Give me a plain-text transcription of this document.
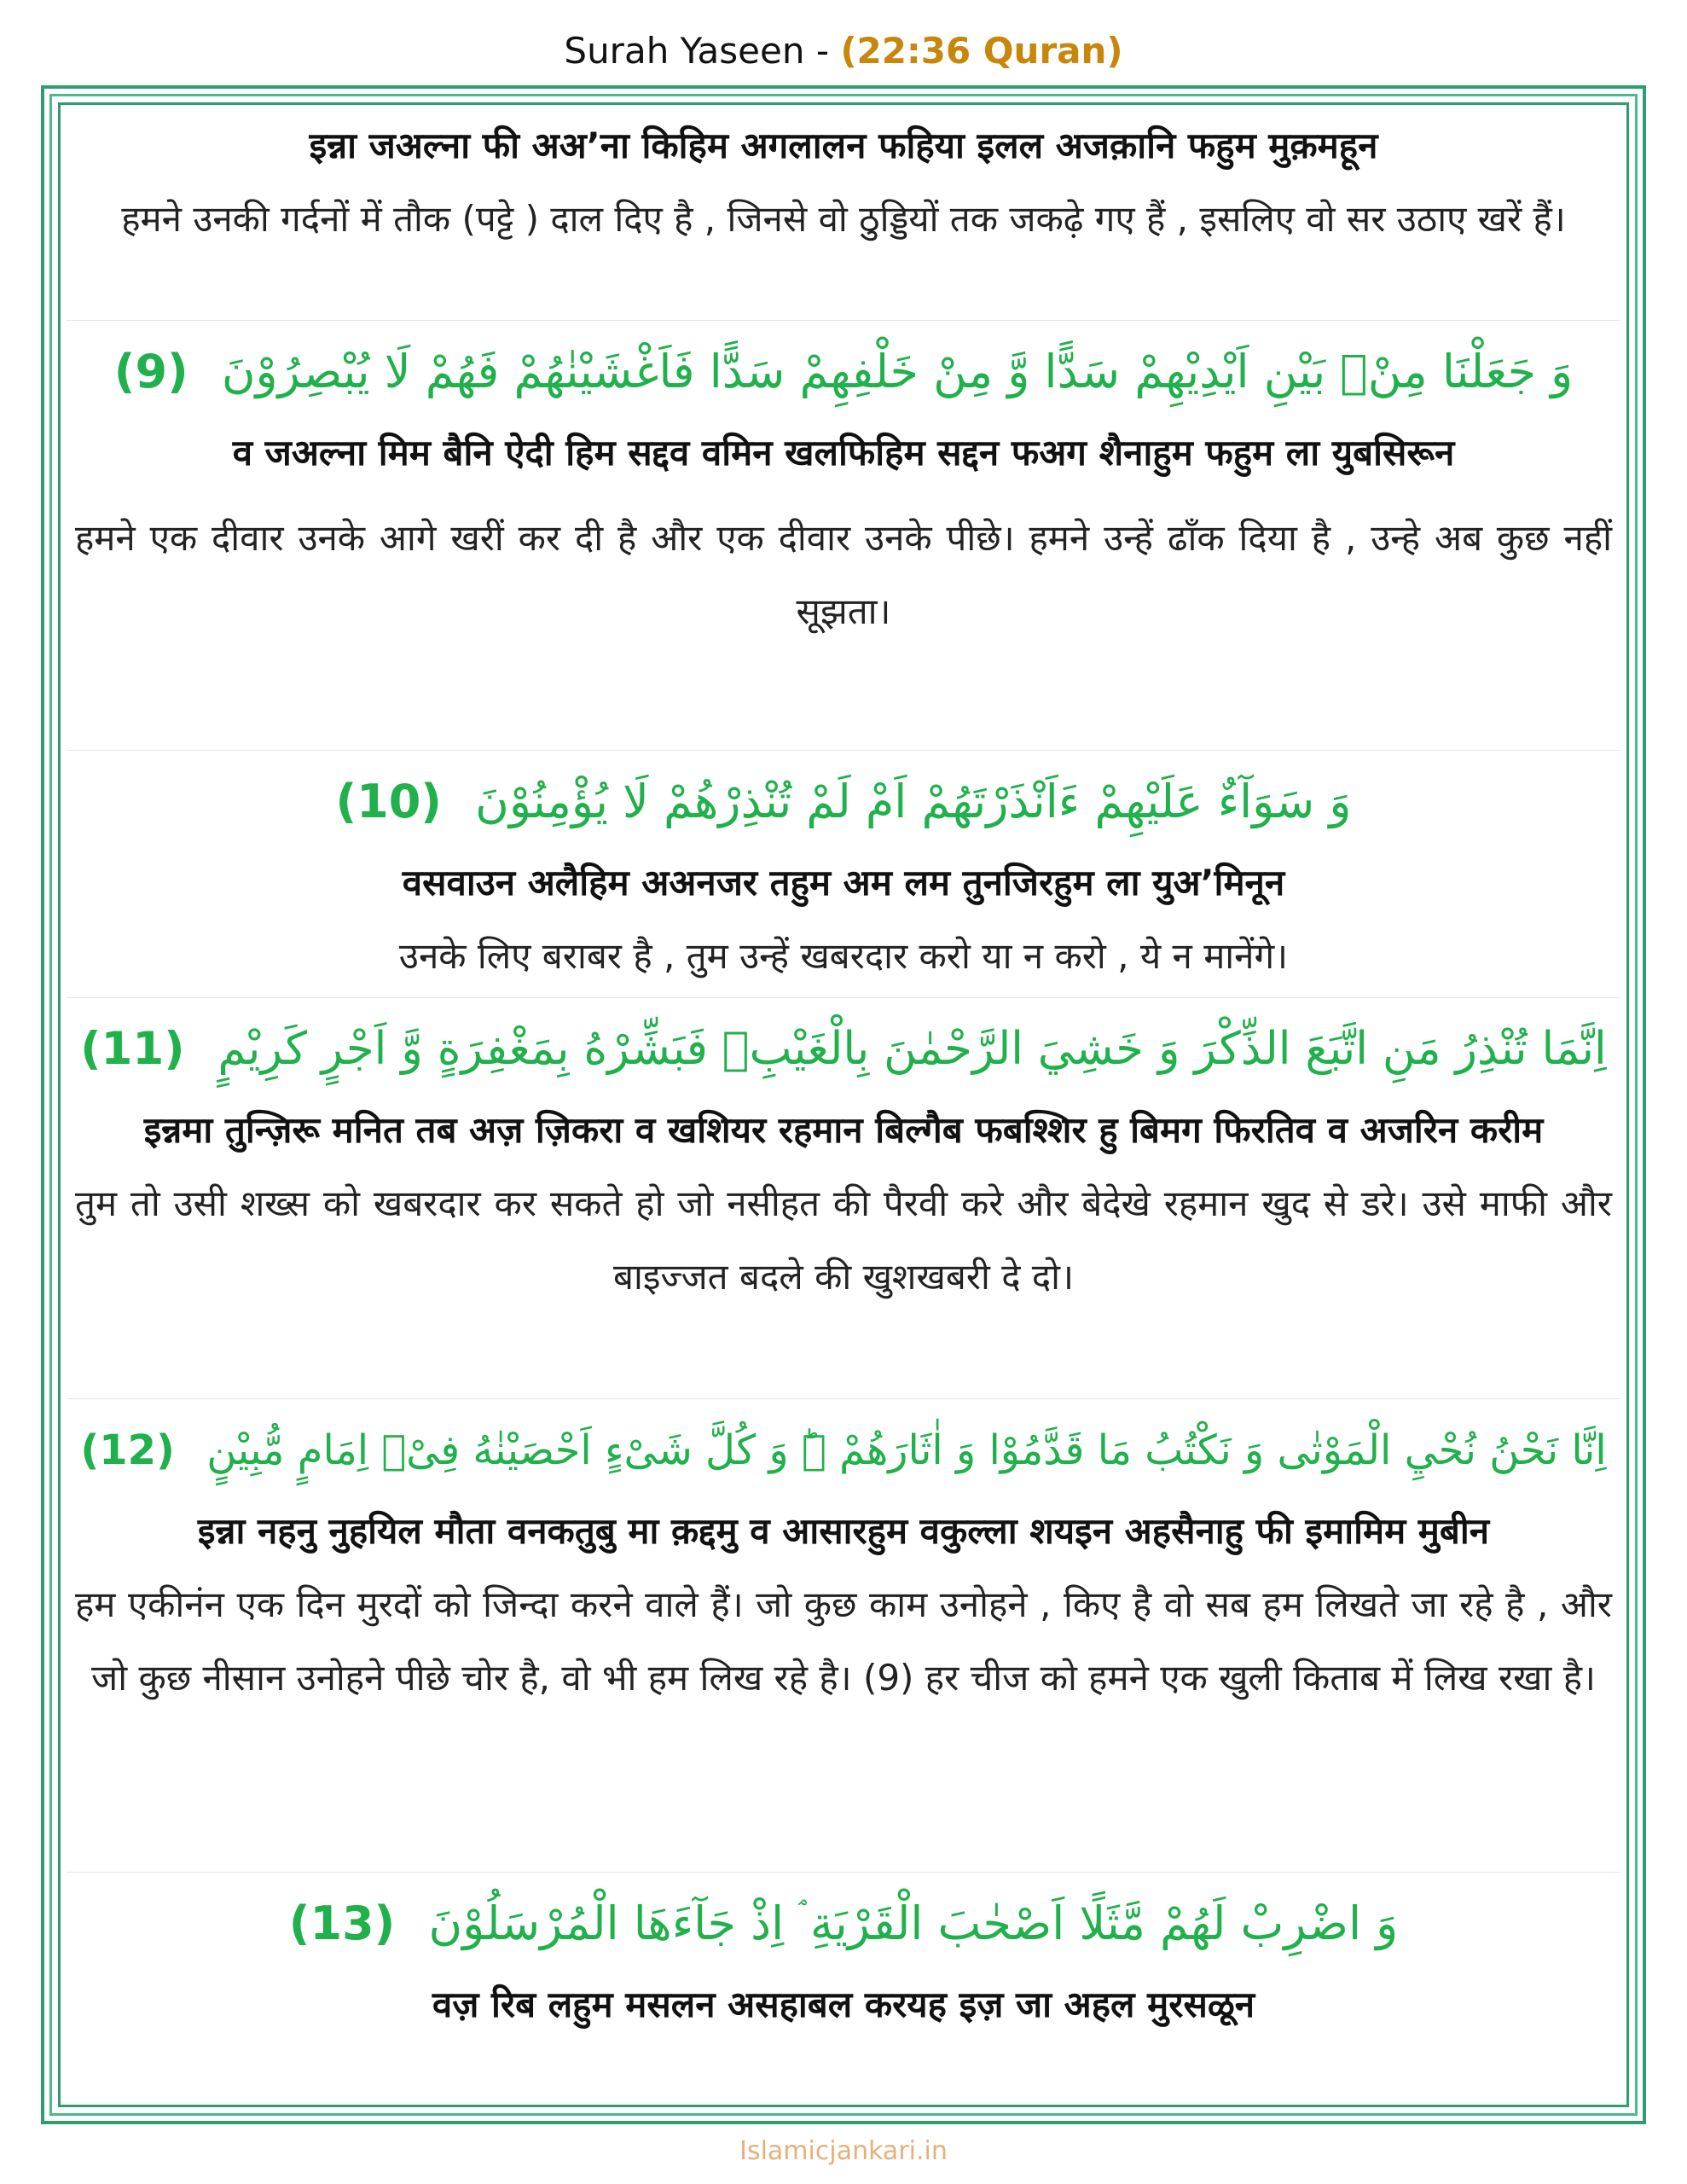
Surah Yaseen - (22:36 Quran)
इन्ना जअल्ना फी अअ’ना किहिम अगलालन फहिया इलल अजक़ानि फहुम मुक़महून
हमने उनकी गर्दनों में तौक (पट्टे ) दाल दिए है , जिनसे वो ठुड्डियों तक जकढ़े गए हैं , इसलिए वो सर उठाए खरें हैं।
وَ جَعَلْنَا مِنْۢ بَيْنِ اَيْدِيْهِمْ سَدًّا وَّ مِنْ خَلْفِهِمْ سَدًّا فَاَغْشَيْنٰهُمْ فَهُمْ لَا يُبْصِرُوْنَ (9)
व जअल्ना मिम बैनि ऐदी हिम सद्दव वमिन खलफिहिम सद्दन फअग शैनाहुम फहुम ला युबसिरून
हमने एक दीवार उनके आगे खरीं कर दी है और एक दीवार उनके पीछे। हमने उन्हें ढाँक दिया है , उन्हे अब कुछ नहीं सूझता।
وَ سَوَآءٌ عَلَيْهِمْ ءَاَنْذَرْتَهُمْ اَمْ لَمْ تُنْذِرْهُمْ لَا يُؤْمِنُوْنَ (10)
वसवाउन अलैहिम अअनजर तहुम अम लम तुनजिरहुम ला युअ’मिनून
उनके लिए बराबर है , तुम उन्हें खबरदार करो या न करो , ये न मानेंगे।
اِنَّمَا تُنْذِرُ مَنِ اتَّبَعَ الذِّكْرَ وَ خَشِيَ الرَّحْمٰنَ بِالْغَيْبِۚ فَبَشِّرْهُ بِمَغْفِرَةٍ وَّ اَجْرٍ كَرِيْمٍ (11)
इन्नमा तुन्ज़िरू मनित तब अज़ ज़िकरा व खशियर रहमान बिल्गैब फबश्शिर हु बिमग फिरतिव व अजरिन करीम
तुम तो उसी शख्स को खबरदार कर सकते हो जो नसीहत की पैरवी करे और बेदेखे रहमान खुद से डरे। उसे माफी और बाइज्जत बदले की खुशखबरी दे दो।
اِنَّا نَحْنُ نُحْيِ الْمَوْتٰى وَ نَكْتُبُ مَا قَدَّمُوْا وَ اٰثَارَهُمْ ۣؕ وَ كُلَّ شَیْءٍ اَحْصَيْنٰهُ فِیْۤ اِمَامٍ مُّبِيْنٍ (12)
इन्ना नहनु नुहयिल मौता वनकतुबु मा क़द्दमु व आसारहुम वकुल्ला शयइन अहसैनाहु फी इमामिम मुबीन
हम एकीनंन एक दिन मुरदों को जिन्दा करने वाले हैं। जो कुछ काम उनोहने , किए है वो सब हम लिखते जा रहे है , और जो कुछ नीसान उनोहने पीछे चोर है, वो भी हम लिख रहे है। (9) हर चीज को हमने एक खुली किताब में लिख रखा है।
وَ اضْرِبْ لَهُمْ مَّثَلًا اَصْحٰبَ الْقَرْيَةِ ۘ اِذْ جَآءَهَا الْمُرْسَلُوْنَ (13)
वज़ रिब लहुम मसलन असहाबल करयह इज़ जा अहल मुरसळून
Islamicjankari.in
